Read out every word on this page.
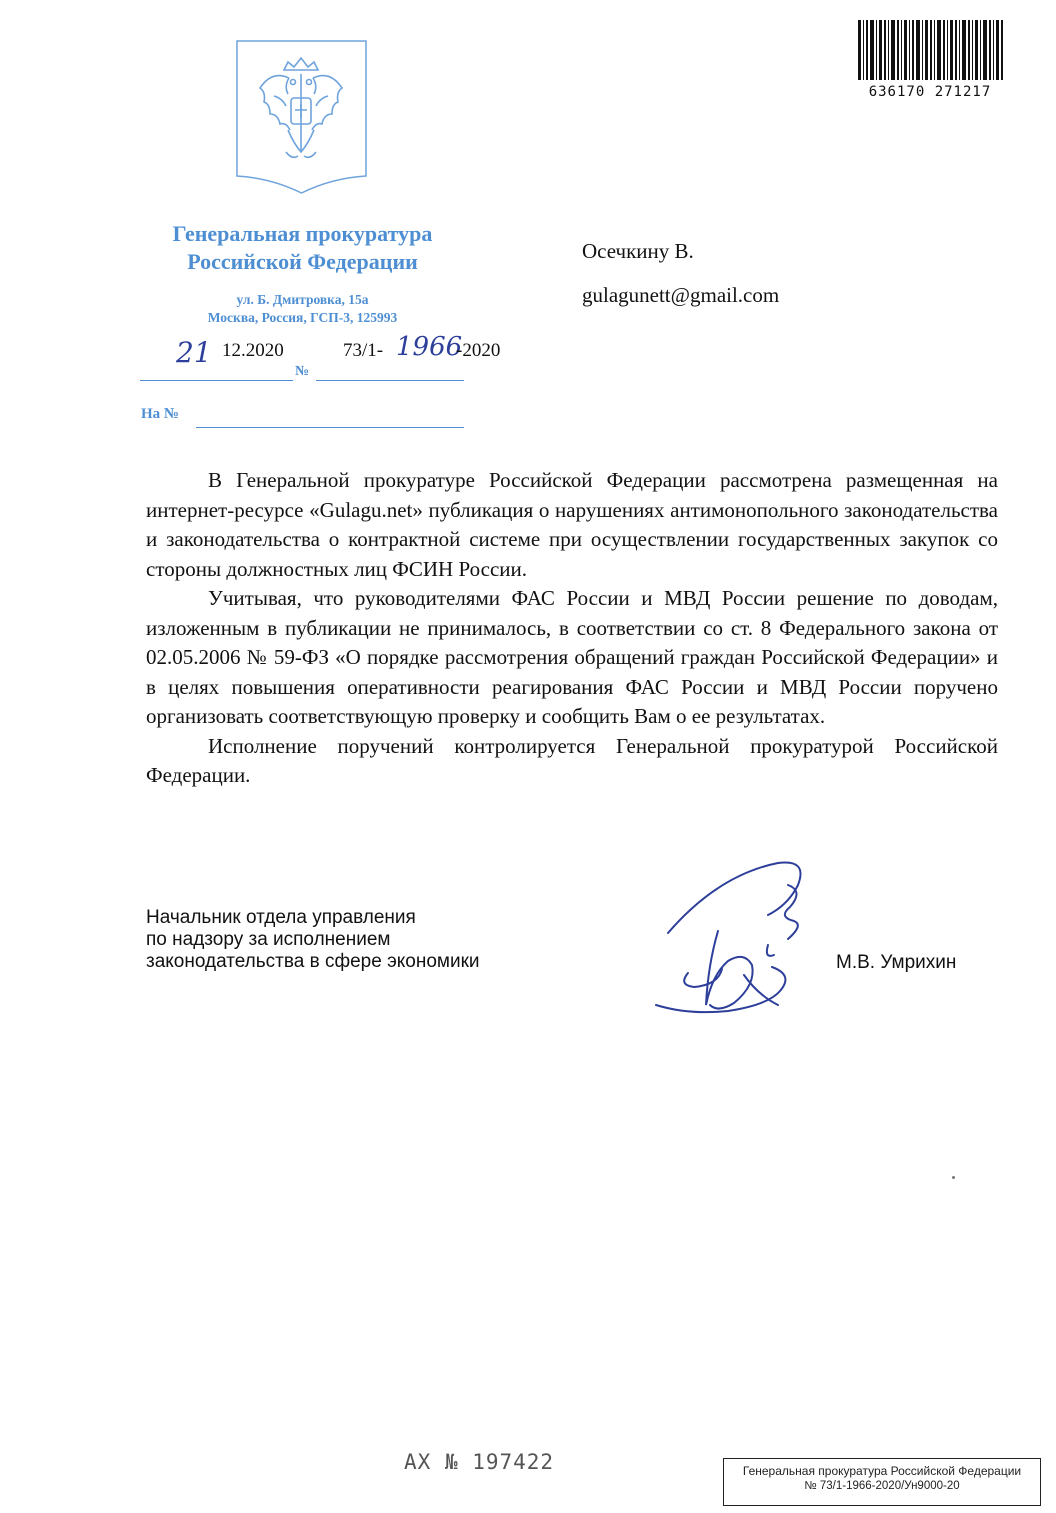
636170 271217
Генеральная прокуратура
Российской Федерации
ул. Б. Дмитровка, 15а
Москва, Россия, ГСП-3, 125993
21 12.2020
№
73/1- 1966
-2020
На №
Осечкину В.
gulagunett@gmail.com

В Генеральной прокуратуре Российской Федерации рассмотрена размещенная на интернет-ресурсе «Gulagu.net» публикация о нарушениях антимонопольного законодательства и законодательства о контрактной системе при осуществлении государственных закупок со стороны должностных лиц ФСИН России.

Учитывая, что руководителями ФАС России и МВД России решение по доводам, изложенным в публикации не принималось, в соответствии со ст. 8 Федерального закона от 02.05.2006 № 59-ФЗ «О порядке рассмотрения обращений граждан Российской Федерации» и в целях повышения оперативности реагирования ФАС России и МВД России поручено организовать соответствующую проверку и сообщить Вам о ее результатах.

Исполнение поручений контролируется Генеральной прокуратурой Российской Федерации.

Начальник отдела управления
по надзору за исполнением
законодательства в сфере экономики	М.В. Умрихин
АХ № 197422	Генеральная прокуратура Российской Федерации
№ 73/1-1966-2020/Ун9000-20
